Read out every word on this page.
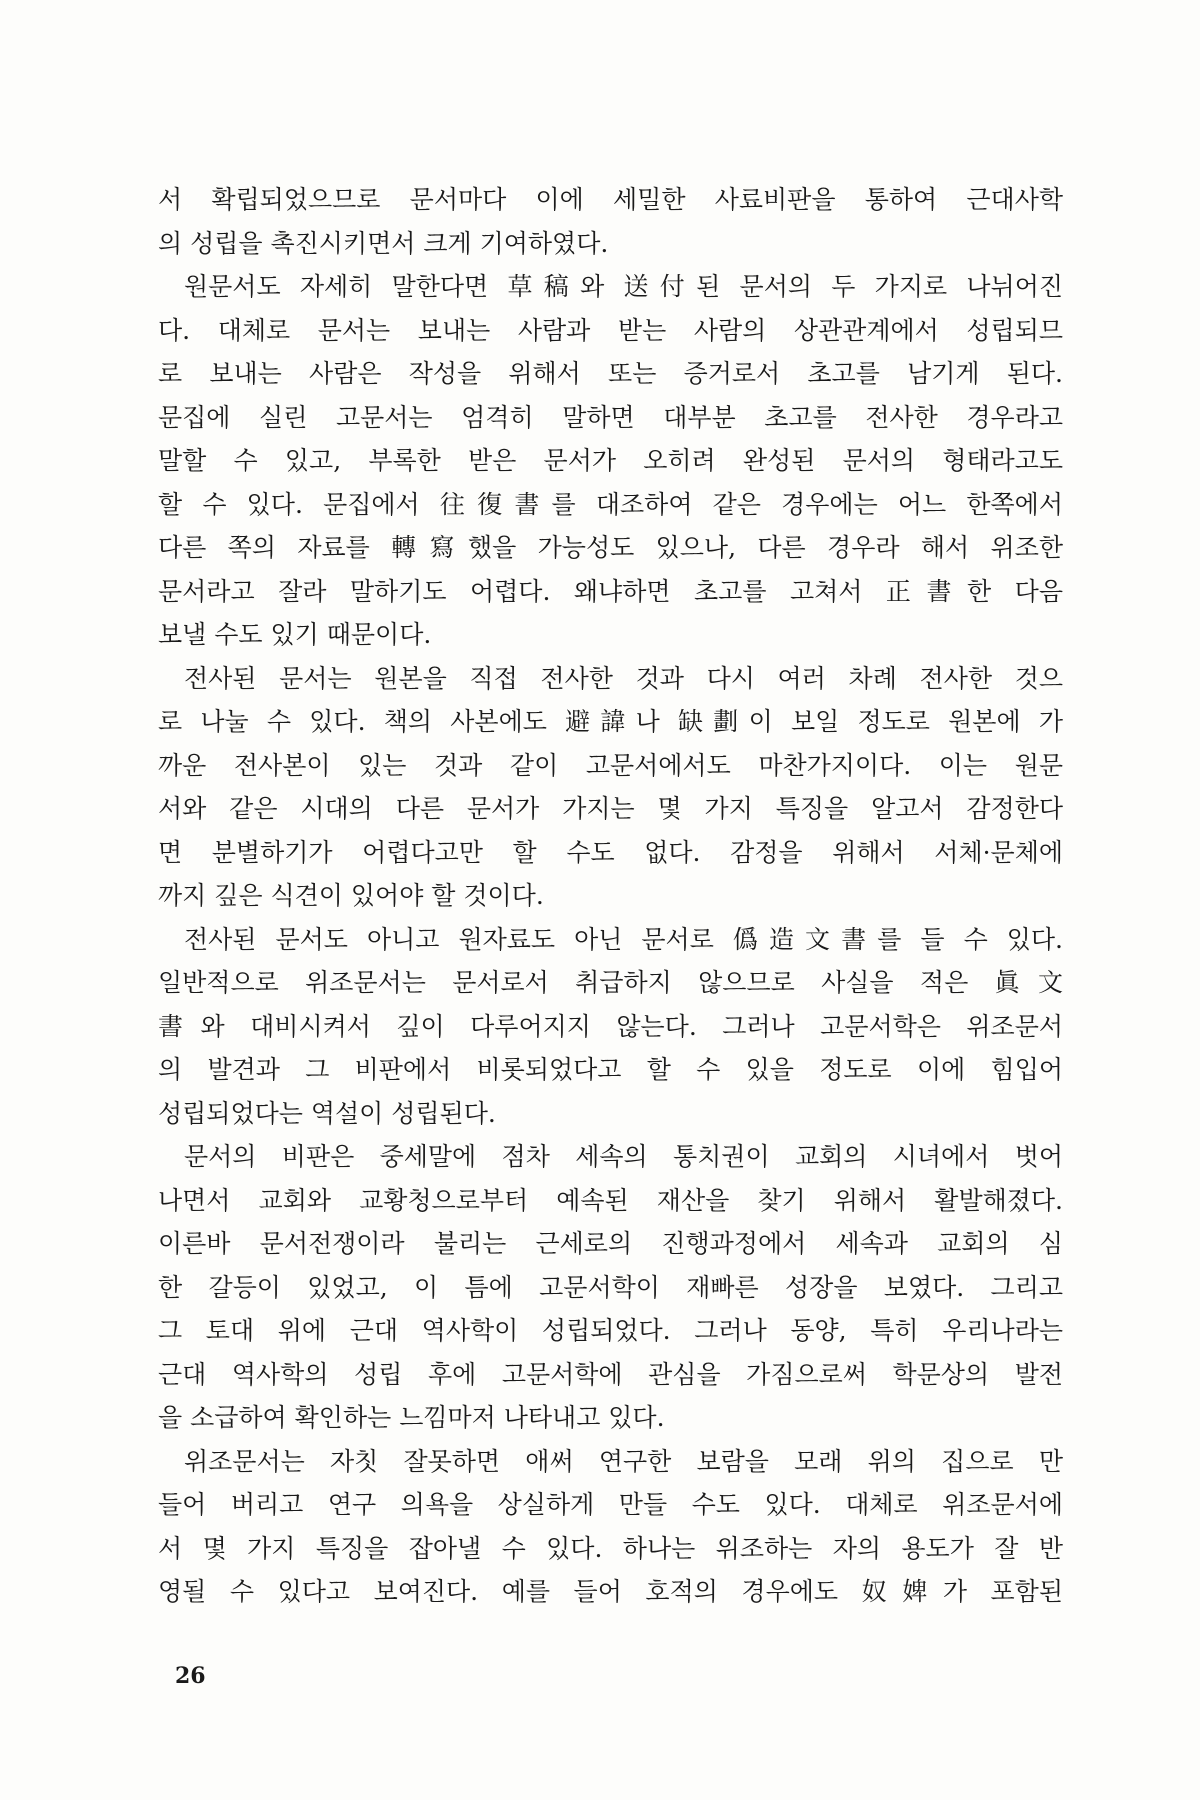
서 확립되었으므로 문서마다 이에 세밀한 사료비판을 통하여 근대사학
의 성립을 촉진시키면서 크게 기여하였다.
원문서도 자세히 말한다면 草稿와 送付된 문서의 두 가지로 나뉘어진
다. 대체로 문서는 보내는 사람과 받는 사람의 상관관계에서 성립되므
로 보내는 사람은 작성을 위해서 또는 증거로서 초고를 남기게 된다.
문집에 실린 고문서는 엄격히 말하면 대부분 초고를 전사한 경우라고
말할 수 있고, 부록한 받은 문서가 오히려 완성된 문서의 형태라고도
할 수 있다. 문집에서 往復書를 대조하여 같은 경우에는 어느 한쪽에서
다른 쪽의 자료를 轉寫했을 가능성도 있으나, 다른 경우라 해서 위조한
문서라고 잘라 말하기도 어렵다. 왜냐하면 초고를 고쳐서 正書한 다음
보낼 수도 있기 때문이다.
전사된 문서는 원본을 직접 전사한 것과 다시 여러 차례 전사한 것으
로 나눌 수 있다. 책의 사본에도 避諱나 缺劃이 보일 정도로 원본에 가
까운 전사본이 있는 것과 같이 고문서에서도 마찬가지이다. 이는 원문
서와 같은 시대의 다른 문서가 가지는 몇 가지 특징을 알고서 감정한다
면 분별하기가 어렵다고만 할 수도 없다. 감정을 위해서 서체·문체에
까지 깊은 식견이 있어야 할 것이다.
전사된 문서도 아니고 원자료도 아닌 문서로 僞造文書를 들 수 있다.
일반적으로 위조문서는 문서로서 취급하지 않으므로 사실을 적은 眞文
書와 대비시켜서 깊이 다루어지지 않는다. 그러나 고문서학은 위조문서
의 발견과 그 비판에서 비롯되었다고 할 수 있을 정도로 이에 힘입어
성립되었다는 역설이 성립된다.
문서의 비판은 중세말에 점차 세속의 통치권이 교회의 시녀에서 벗어
나면서 교회와 교황청으로부터 예속된 재산을 찾기 위해서 활발해졌다.
이른바 문서전쟁이라 불리는 근세로의 진행과정에서 세속과 교회의 심
한 갈등이 있었고, 이 틈에 고문서학이 재빠른 성장을 보였다. 그리고
그 토대 위에 근대 역사학이 성립되었다. 그러나 동양, 특히 우리나라는
근대 역사학의 성립 후에 고문서학에 관심을 가짐으로써 학문상의 발전
을 소급하여 확인하는 느낌마저 나타내고 있다.
위조문서는 자칫 잘못하면 애써 연구한 보람을 모래 위의 집으로 만
들어 버리고 연구 의욕을 상실하게 만들 수도 있다. 대체로 위조문서에
서 몇 가지 특징을 잡아낼 수 있다. 하나는 위조하는 자의 용도가 잘 반
영될 수 있다고 보여진다. 예를 들어 호적의 경우에도 奴婢가 포함된
26
